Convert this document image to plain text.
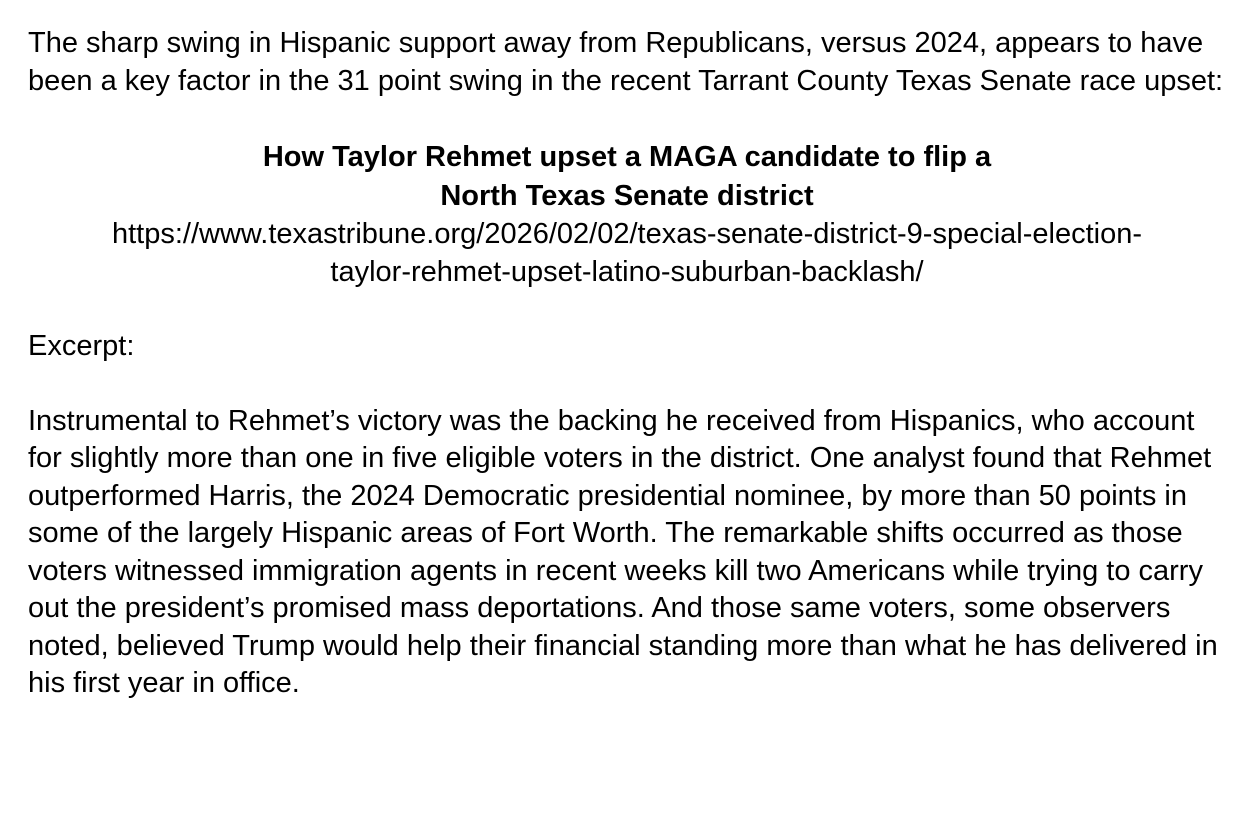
The sharp swing in Hispanic support away from Republicans, versus 2024, appears to have been a key factor in the 31 point swing in the recent Tarrant County Texas Senate race upset:

How Taylor Rehmet upset a MAGA candidate to flip a

North Texas Senate district

https://www.texastribune.org/2026/02/02/texas-senate-district-9-special-election-

taylor-rehmet-upset-latino-suburban-backlash/

Excerpt:

Instrumental to Rehmet’s victory was the backing he received from Hispanics, who account for slightly more than one in five eligible voters in the district. One analyst found that Rehmet outperformed Harris, the 2024 Democratic presidential nominee, by more than 50 points in some of the largely Hispanic areas of Fort Worth. The remarkable shifts occurred as those voters witnessed immigration agents in recent weeks kill two Americans while trying to carry out the president’s promised mass deportations. And those same voters, some observers noted, believed Trump would help their financial standing more than what he has delivered in his first year in office.
